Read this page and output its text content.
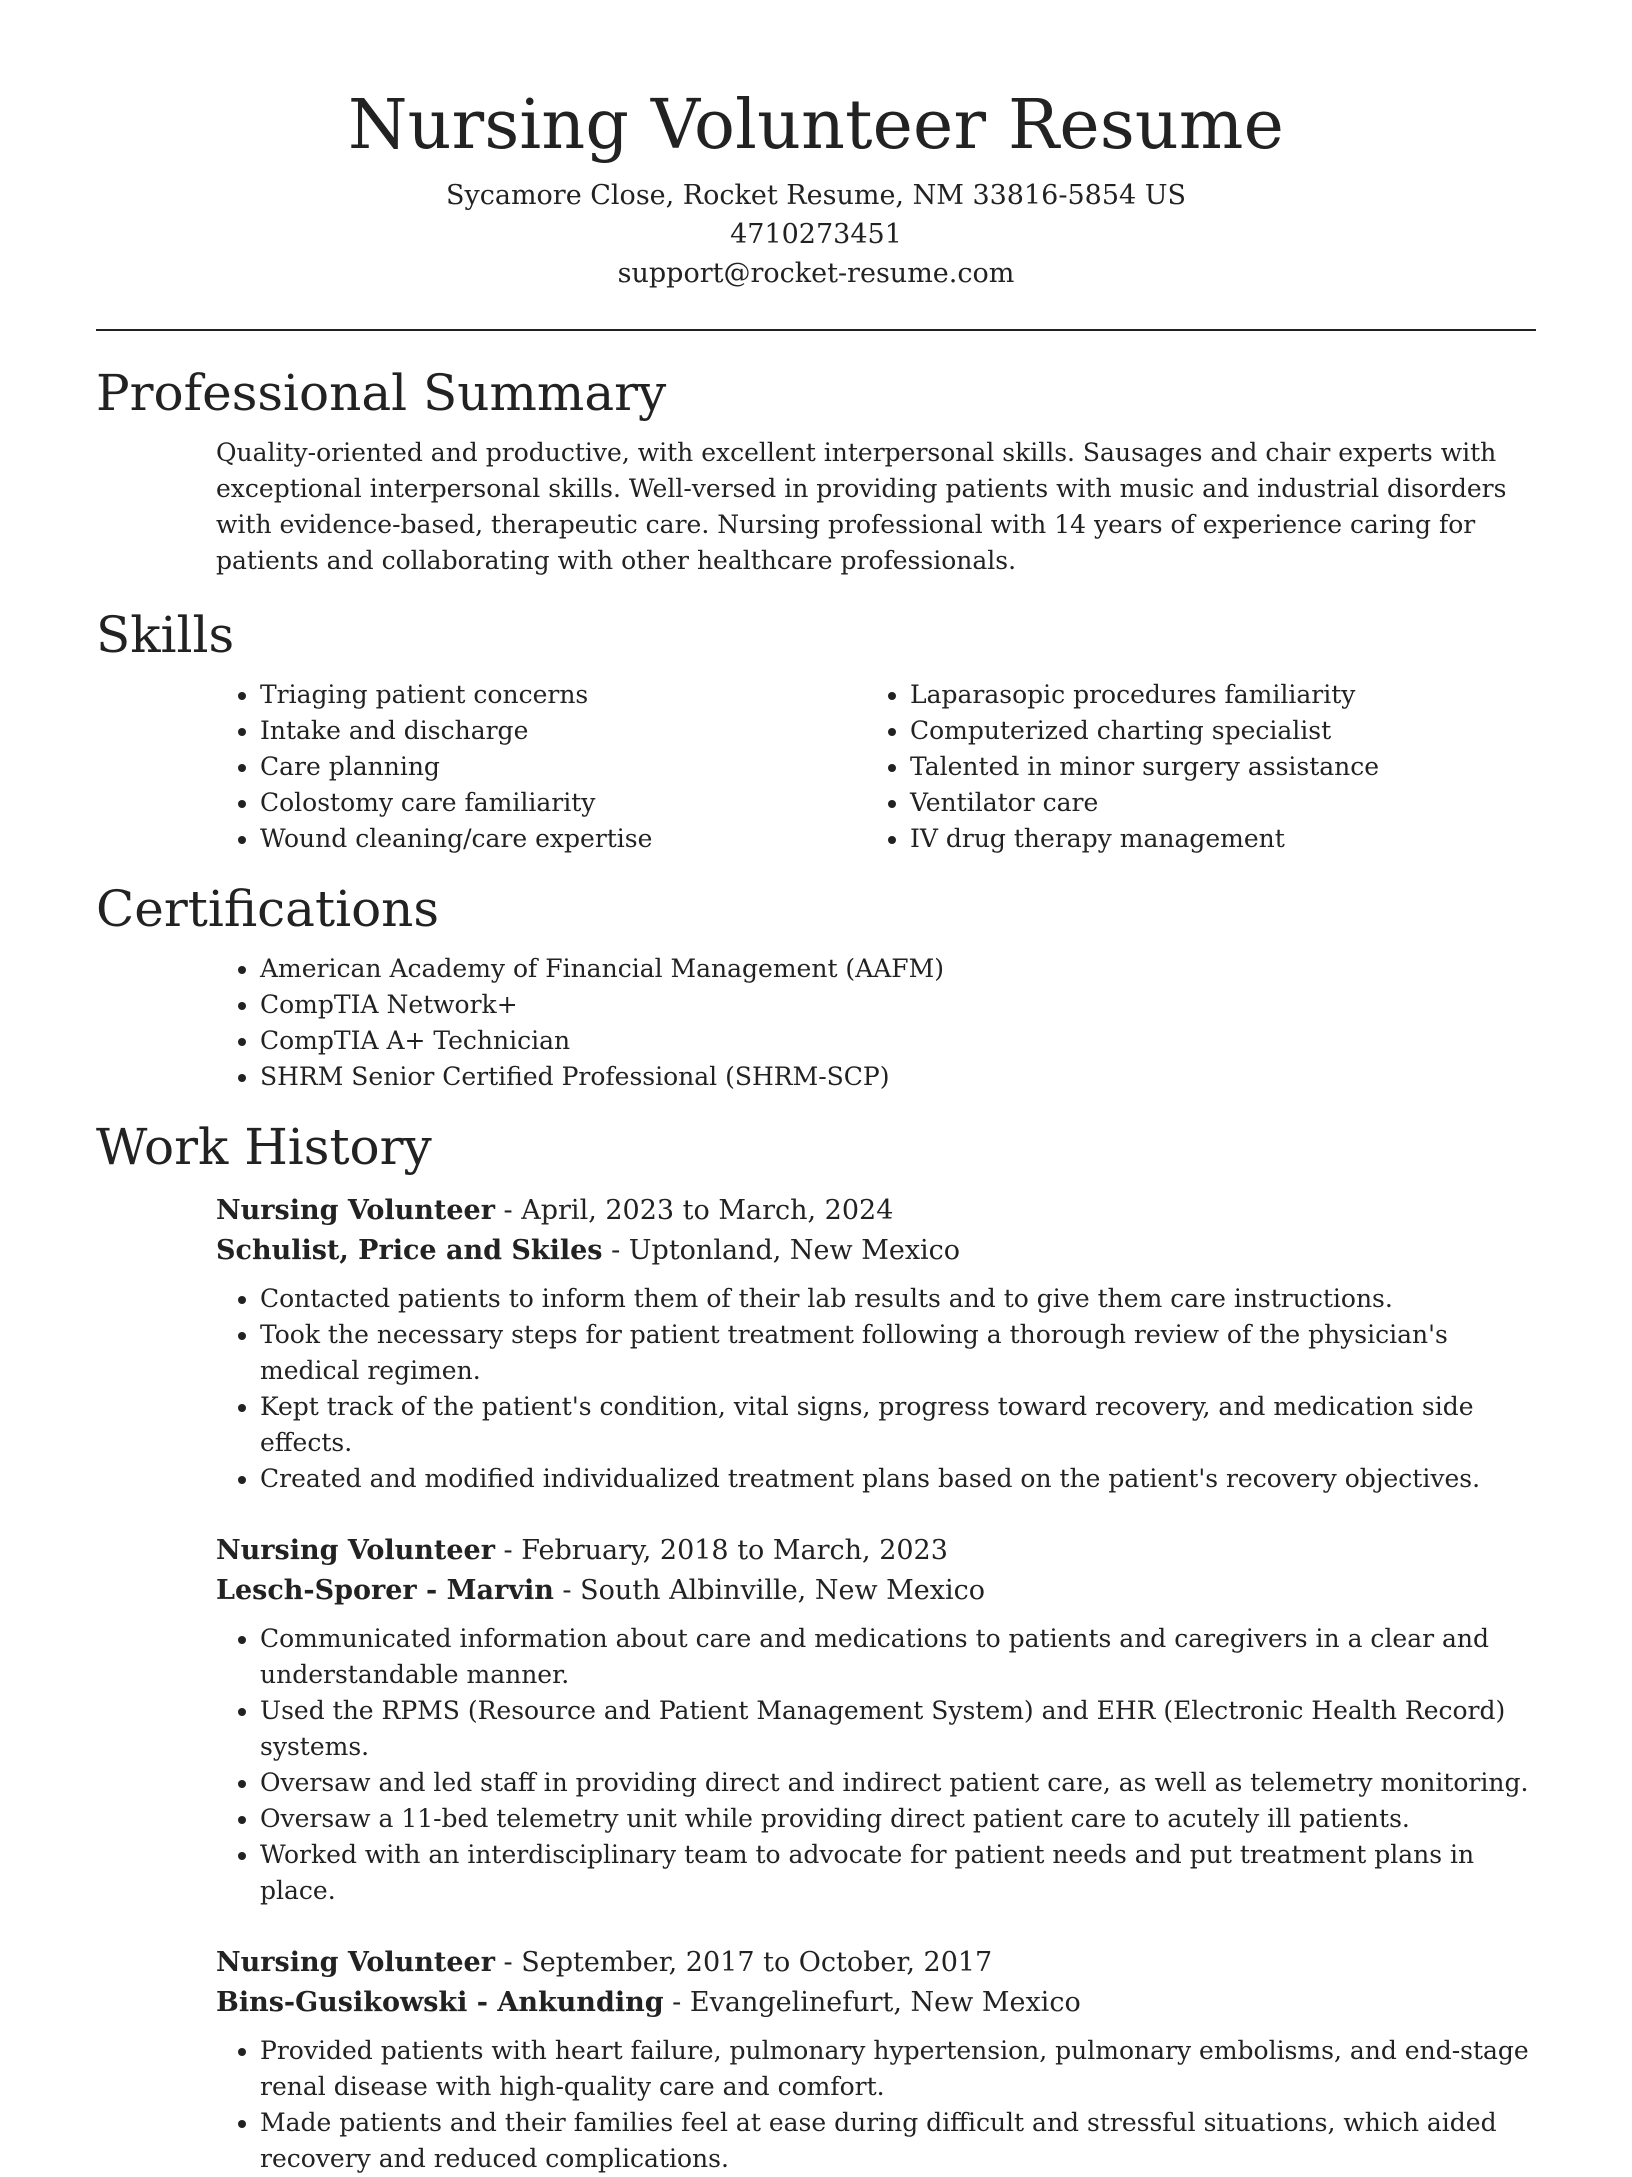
Nursing Volunteer Resume
Sycamore Close, Rocket Resume, NM 33816-5854 US
4710273451
support@rocket-resume.com
Professional Summary

Quality-oriented and productive, with excellent interpersonal skills. Sausages and chair experts with exceptional interpersonal skills. Well-versed in providing patients with music and industrial disorders with evidence-based, therapeutic care. Nursing professional with 14 years of experience caring for patients and collaborating with other healthcare professionals.

Skills
• Triaging patient concerns
• Intake and discharge
• Care planning
• Colostomy care familiarity
• Wound cleaning/care expertise
• Laparasopic procedures familiarity
• Computerized charting specialist
• Talented in minor surgery assistance
• Ventilator care
• IV drug therapy management
Certifications
• American Academy of Financial Management (AAFM)
• CompTIA Network+
• CompTIA A+ Technician
• SHRM Senior Certified Professional (SHRM-SCP)
Work History
Nursing Volunteer - April, 2023 to March, 2024
Schulist, Price and Skiles - Uptonland, New Mexico
• Contacted patients to inform them of their lab results and to give them care instructions.
• Took the necessary steps for patient treatment following a thorough review of the physician's medical regimen.
• Kept track of the patient's condition, vital signs, progress toward recovery, and medication side effects.
• Created and modified individualized treatment plans based on the patient's recovery objectives.
Nursing Volunteer - February, 2018 to March, 2023
Lesch-Sporer - Marvin - South Albinville, New Mexico
• Communicated information about care and medications to patients and caregivers in a clear and understandable manner.
• Used the RPMS (Resource and Patient Management System) and EHR (Electronic Health Record) systems.
• Oversaw and led staff in providing direct and indirect patient care, as well as telemetry monitoring.
• Oversaw a 11-bed telemetry unit while providing direct patient care to acutely ill patients.
• Worked with an interdisciplinary team to advocate for patient needs and put treatment plans in place.
Nursing Volunteer - September, 2017 to October, 2017
Bins-Gusikowski - Ankunding - Evangelinefurt, New Mexico
• Provided patients with heart failure, pulmonary hypertension, pulmonary embolisms, and end-stage renal disease with high-quality care and comfort.
• Made patients and their families feel at ease during difficult and stressful situations, which aided recovery and reduced complications.
